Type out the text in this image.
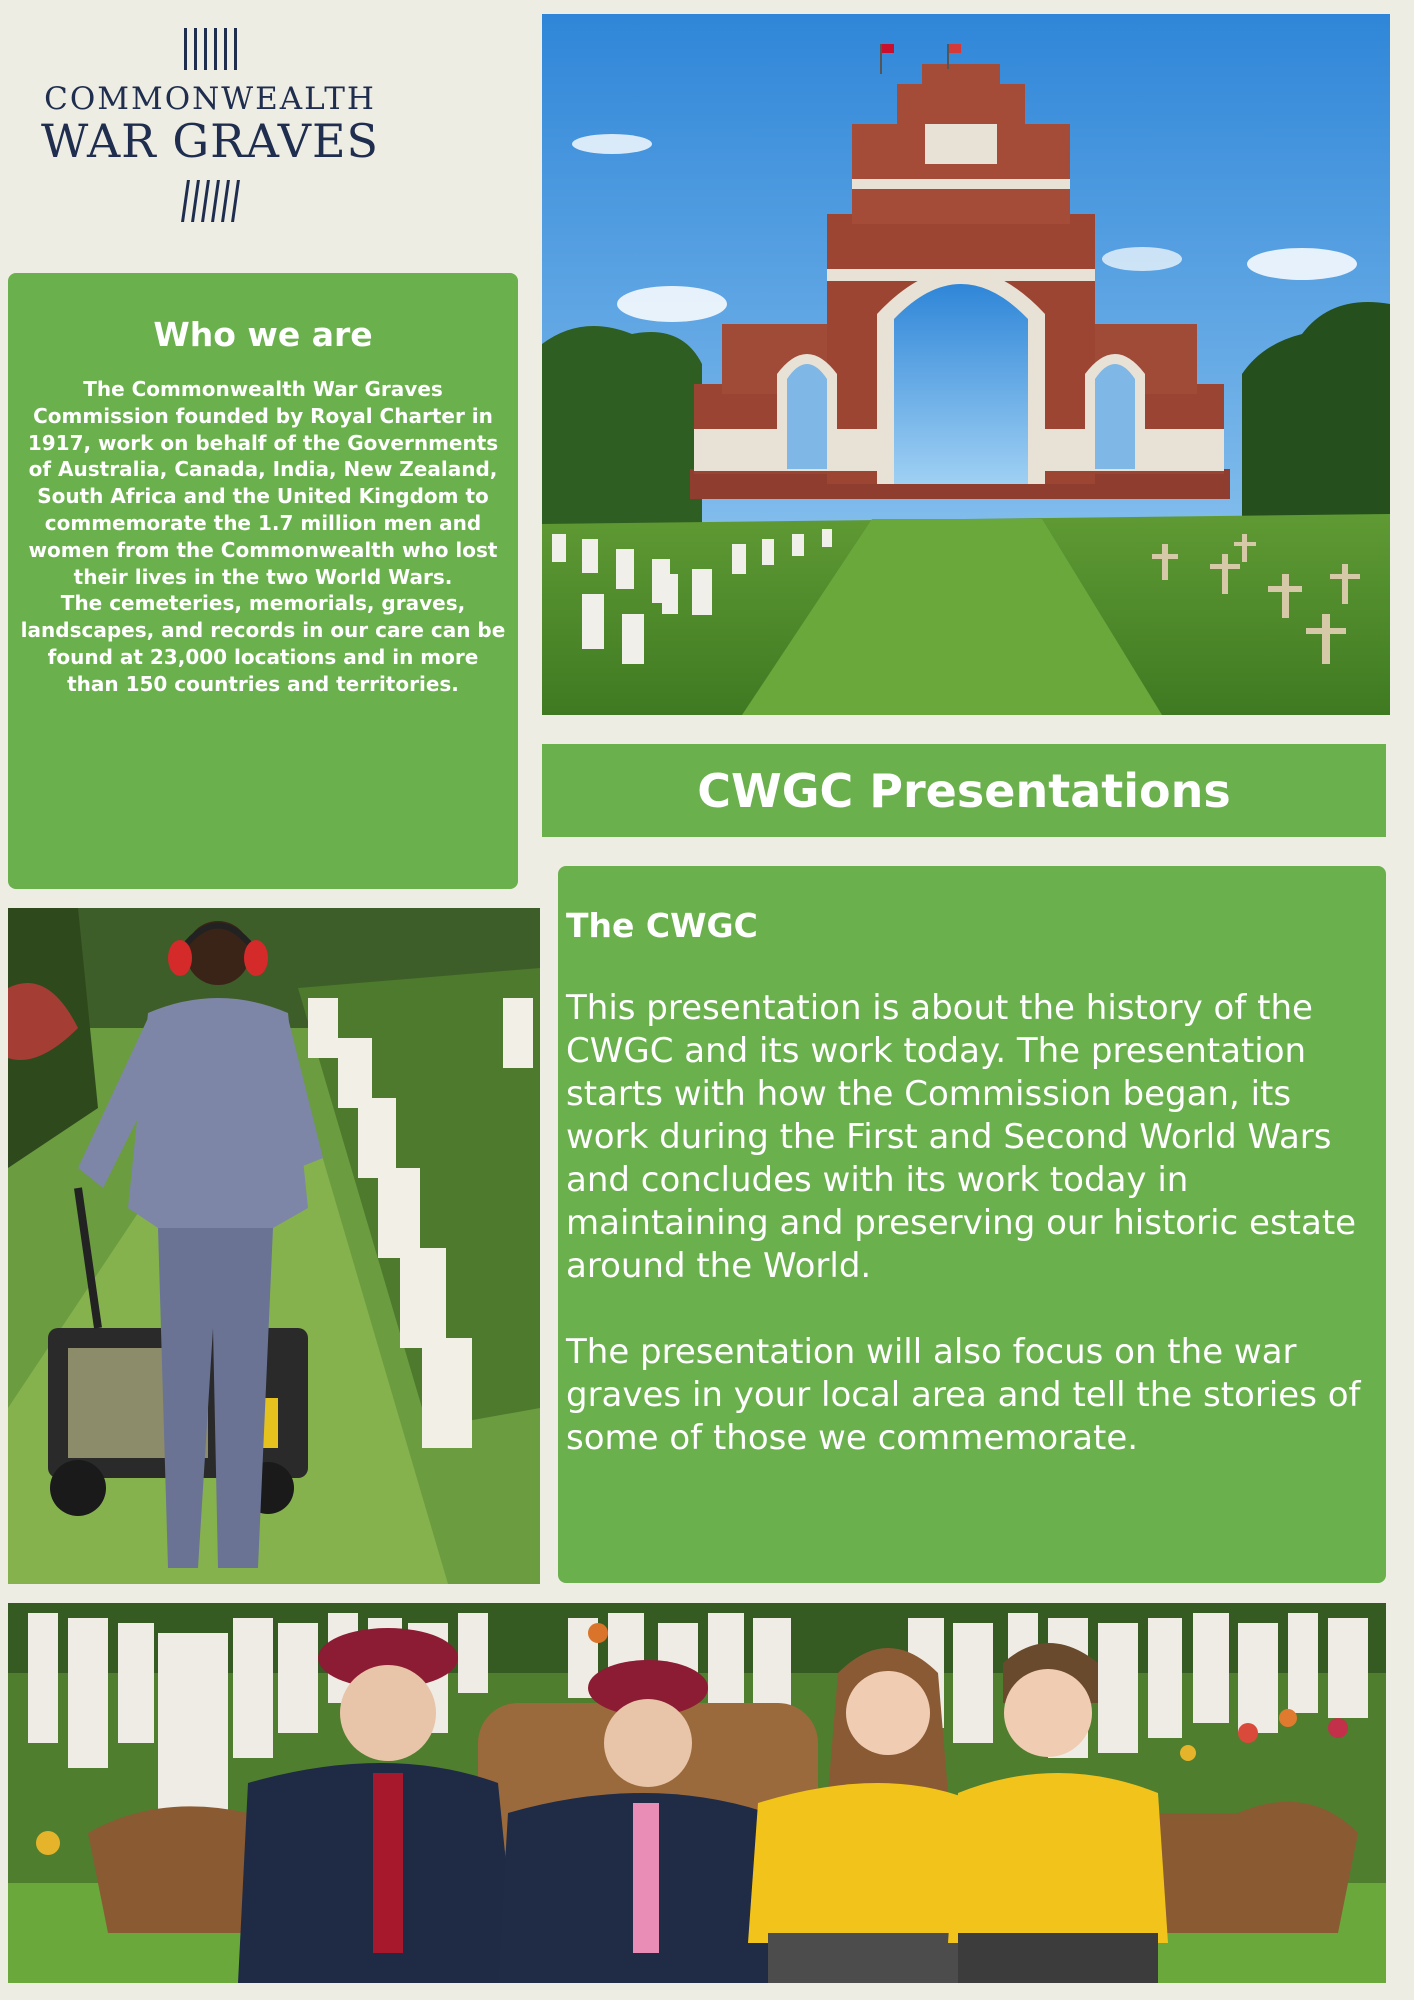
COMMONWEALTH
WAR GRAVES
Who we are
The Commonwealth War Graves Commission founded by Royal Charter in 1917, work on behalf of the Governments of Australia, Canada, India, New Zealand, South Africa and the United Kingdom to commemorate the 1.7 million men and women from the Commonwealth who lost their lives in the two World Wars.
The cemeteries, memorials, graves, landscapes, and records in our care can be found at 23,000 locations and in more than 150 countries and territories.
CWGC Presentations
The CWGC
This presentation is about the history of the CWGC and its work today. The presentation starts with how the Commission began, its work during the First and Second World Wars and concludes with its work today in maintaining and preserving our historic estate around the World.
The presentation will also focus on the war graves in your local area and tell the stories of some of those we commemorate.
